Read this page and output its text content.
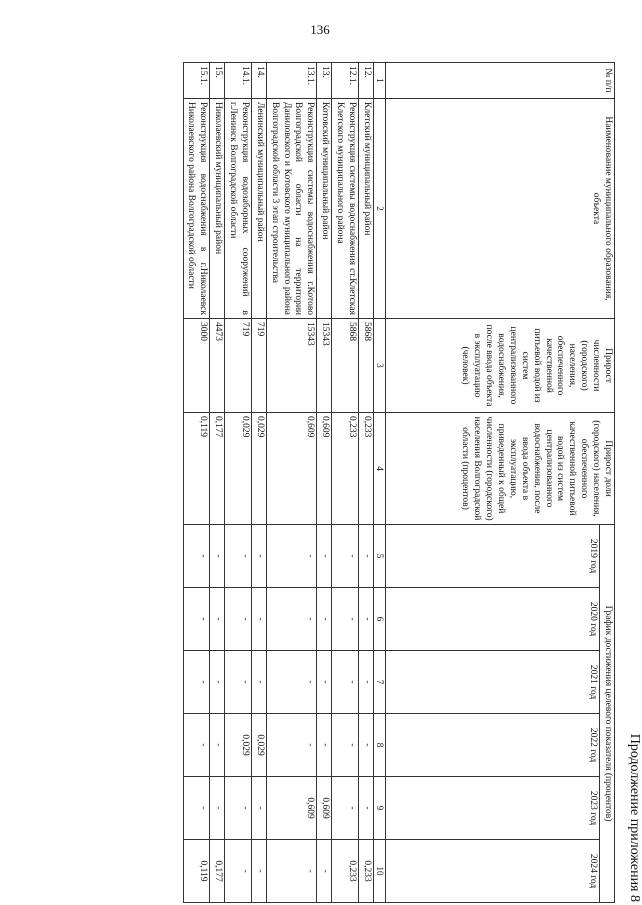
136
Продолжение приложения 8
№ п/п	Наименование муниципального образования, объекта	Прирост численности (городского) населения, обеспеченного качественной питьевой водой из систем централизованного водоснабжения, после ввода объекта в эксплуатацию (человек)	Прирост доли (городского) населения, обеспеченного качественной питьевой водой из систем централизованного водоснабжения, после ввода объекта в эксплуатацию, приведенный к общей численности (городского) населения Волгоградской области (процентов)	График достижения целевого показателя (процентов)					
				2019 год	2020 год	2021 год	2022 год	2023 год	2024 год
1	2	3	4	5	6	7	8	9	10
12.	Клетский муниципальный район	5868	0,233	-	-	-	-	-	0,233
12.1.	Реконструкция системы водоснабжения ст.Клетская Клетского муниципального района	5868	0,233	-	-	-	-	-	0,233
13.	Котовский муниципальный район	15343	0,609	-	-	-	-	0,609	-
13.1.	Реконструкция системы водоснабжения г.Котово Волгоградской области на территории Даниловского и Котовского муниципального района Волгоградской области 3 этап строительства	15343	0,609	-	-	-	-	0,609	-
14.	Ленинский муниципальный район	719	0,029	-	-	-	0,029	-	-
14.1.	Реконструкция водозаборных сооружений в г.Ленинск Волгоградской области	719	0,029	-	-	-	0,029	-	-
15.	Николаевский муниципальный район	4473	0,177	-	-	-	-	-	0,177
15.1.	Реконструкция водоснабжения в г.Николаевск Николаевского района Волгоградской области	3000	0,119	-	-	-	-	-	0,119
